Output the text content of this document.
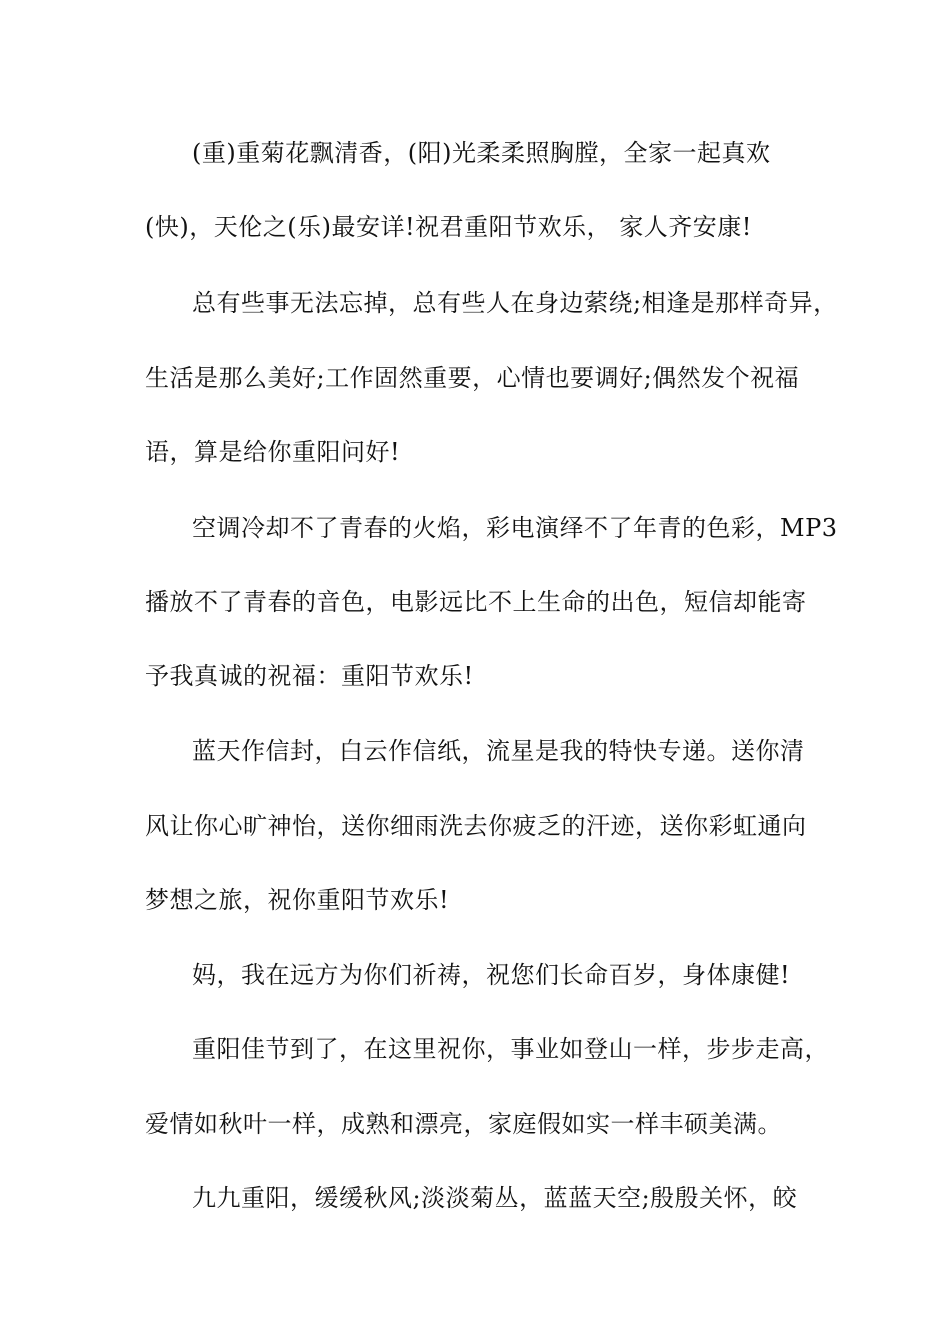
(重)重菊花飘清香，(阳)光柔柔照胸膛，全家一起真欢
(快)，天伦之(乐)最安详!祝君重阳节欢乐， 家人齐安康!
总有些事无法忘掉，总有些人在身边萦绕;相逢是那样奇异，
生活是那么美好;工作固然重要，心情也要调好;偶然发个祝福
语，算是给你重阳问好!
空调冷却不了青春的火焰，彩电演绎不了年青的色彩，MP3
播放不了青春的音色，电影远比不上生命的出色，短信却能寄
予我真诚的祝福：重阳节欢乐!
蓝天作信封，白云作信纸，流星是我的特快专递。送你清
风让你心旷神怡，送你细雨洗去你疲乏的汗迹，送你彩虹通向
梦想之旅，祝你重阳节欢乐!
妈，我在远方为你们祈祷，祝您们长命百岁，身体康健!
重阳佳节到了，在这里祝你，事业如登山一样，步步走高，
爱情如秋叶一样，成熟和漂亮，家庭假如实一样丰硕美满。
九九重阳，缓缓秋风;淡淡菊丛，蓝蓝天空;殷殷关怀，皎
